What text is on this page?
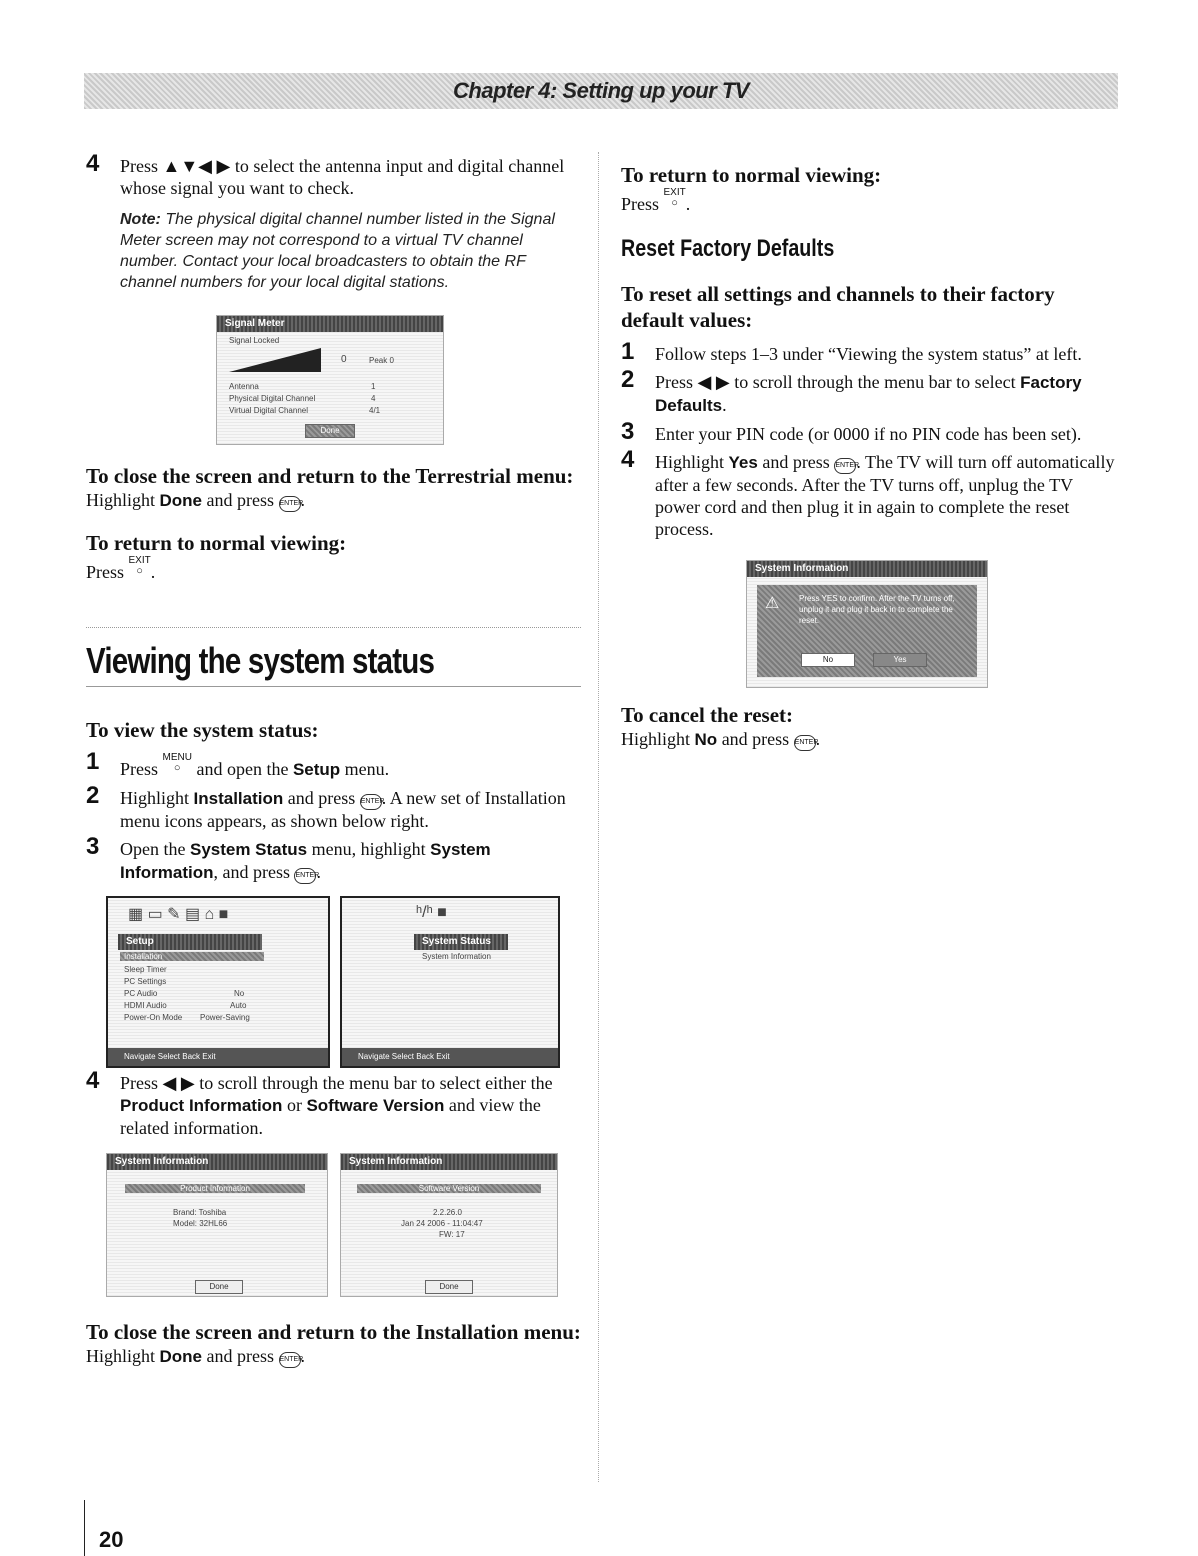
Chapter 4: Setting up your TV
4 Press ▲▼◀ ▶ to select the antenna input and digital channel whose signal you want to check.
Note: The physical digital channel number listed in the Signal Meter screen may not correspond to a virtual TV channel number. Contact your local broadcasters to obtain the RF channel numbers for your local digital stations.
Signal Meter
Signal Locked
0	Peak 0
Antenna	1
Physical Digital Channel	4
Virtual Digital Channel	4/1
Done
To close the screen and return to the Terrestrial menu:
Highlight Done and press ENTER.
To return to normal viewing:
Press EXIT
○ .
Viewing the system status
To view the system status:
1 Press MENU
○ and open the Setup menu.
2 Highlight Installation and press ENTER. A new set of Installation menu icons appears, as shown below right.
3 Open the System Status menu, highlight System Information, and press ENTER.
▦ ▭ ✎ ▤ ⌂ ■
Setup
Installation
Sleep Timer
PC Settings
PC Audio	No
HDMI Audio	Auto
Power-On Mode Power-Saving
Navigate Select Back Exit
ʰ/ʰ ■
System Status
System Information
Navigate Select Back Exit
4 Press ◀ ▶ to scroll through the menu bar to select either the Product Information or Software Version and view the related information.
System Information
Product Information
Brand: Toshiba
Model: 32HL66
Done
System Information
Software Version
2.2.26.0
Jan 24 2006 - 11:04:47
FW: 17
Done
To close the screen and return to the Installation menu:
Highlight Done and press ENTER.
To return to normal viewing:
Press EXIT
○ .
Reset Factory Defaults
To reset all settings and channels to their factory default values:
1 Follow steps 1–3 under “Viewing the system status” at left.
2 Press ◀ ▶ to scroll through the menu bar to select Factory Defaults.
3 Enter your PIN code (or 0000 if no PIN code has been set).
4 Highlight Yes and press ENTER. The TV will turn off automatically after a few seconds. After the TV turns off, unplug the TV power cord and then plug it in again to complete the reset process.
System Information
⚠ Press YES to confirm. After the TV turns off, unplug it and plug it back in to complete the reset.
No	Yes
To cancel the reset:
Highlight No and press ENTER.
20
